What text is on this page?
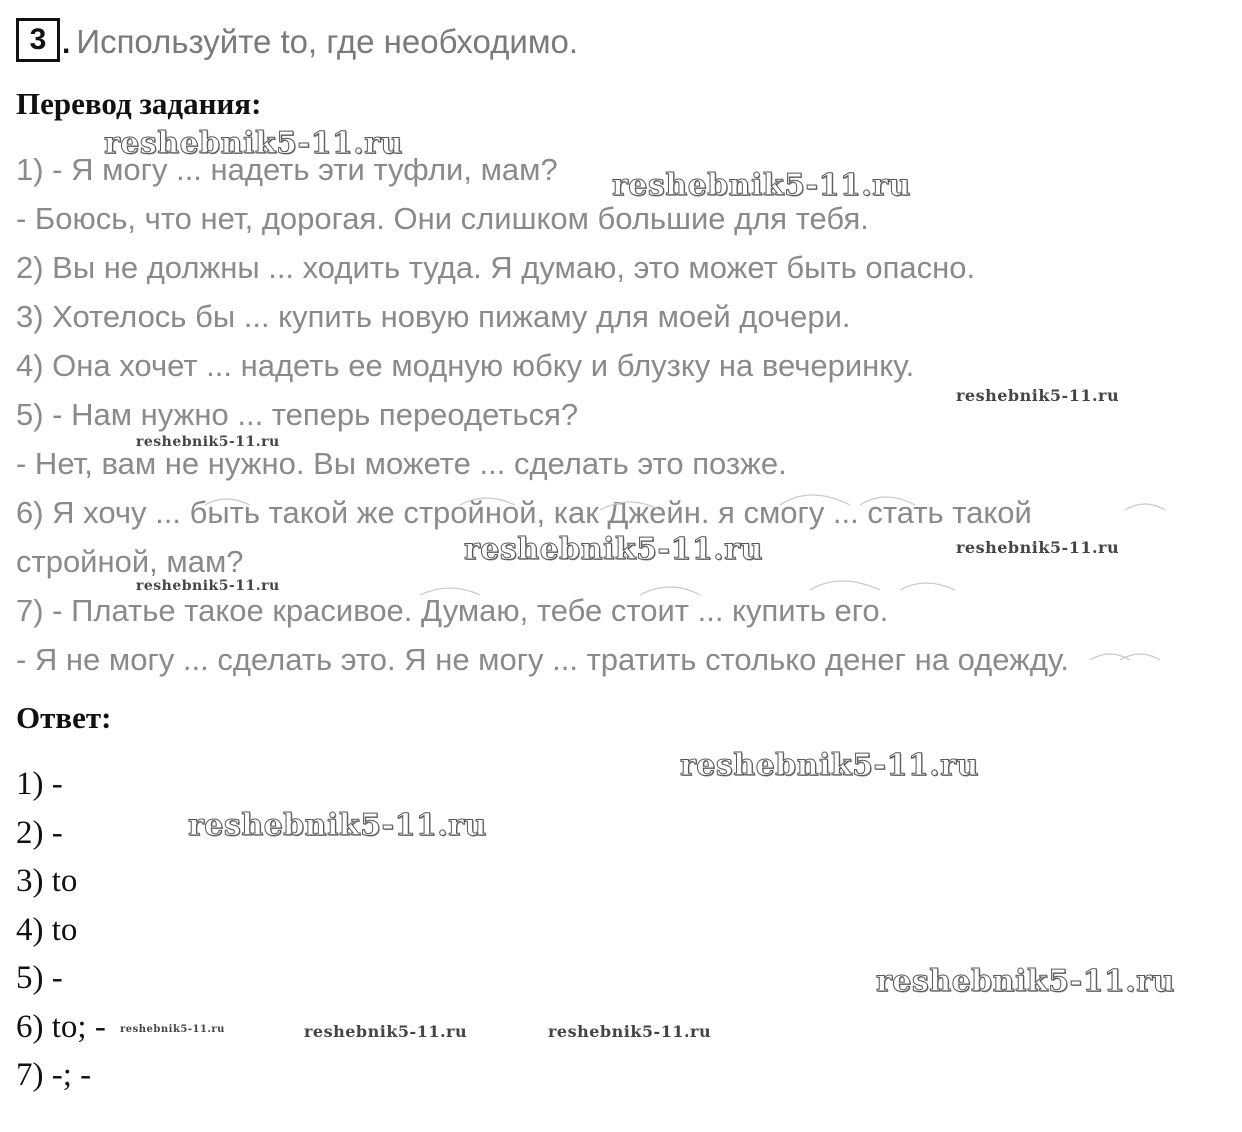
3 . Используйте to, где необходимо.
Перевод задания:
1) - Я могу ... надеть эти туфли, мам?
- Боюсь, что нет, дорогая. Они слишком большие для тебя.
2) Вы не должны ... ходить туда. Я думаю, это может быть опасно.
3) Хотелось бы ... купить новую пижаму для моей дочери.
4) Она хочет ... надеть ее модную юбку и блузку на вечеринку.
5) - Нам нужно ... теперь переодеться?
- Нет, вам не нужно. Вы можете ... сделать это позже.
6) Я хочу ... быть такой же стройной, как Джейн. я смогу ... стать такой
стройной, мам?
7) - Платье такое красивое. Думаю, тебе стоит ... купить его.
- Я не могу ... сделать это. Я не могу ... тратить столько денег на одежду.
Ответ:
1) -
2) -
3) to
4) to
5) -
6) to; -
7) -; -
reshebnik5-11.ru
reshebnik5-11.ru
reshebnik5-11.ru
reshebnik5-11.ru
reshebnik5-11.ru	reshebnik5-11.ru
reshebnik5-11.ru
reshebnik5-11.ru
reshebnik5-11.ru
reshebnik5-11.ru
reshebnik5-11.ru	reshebnik5-11.ru	reshebnik5-11.ru
